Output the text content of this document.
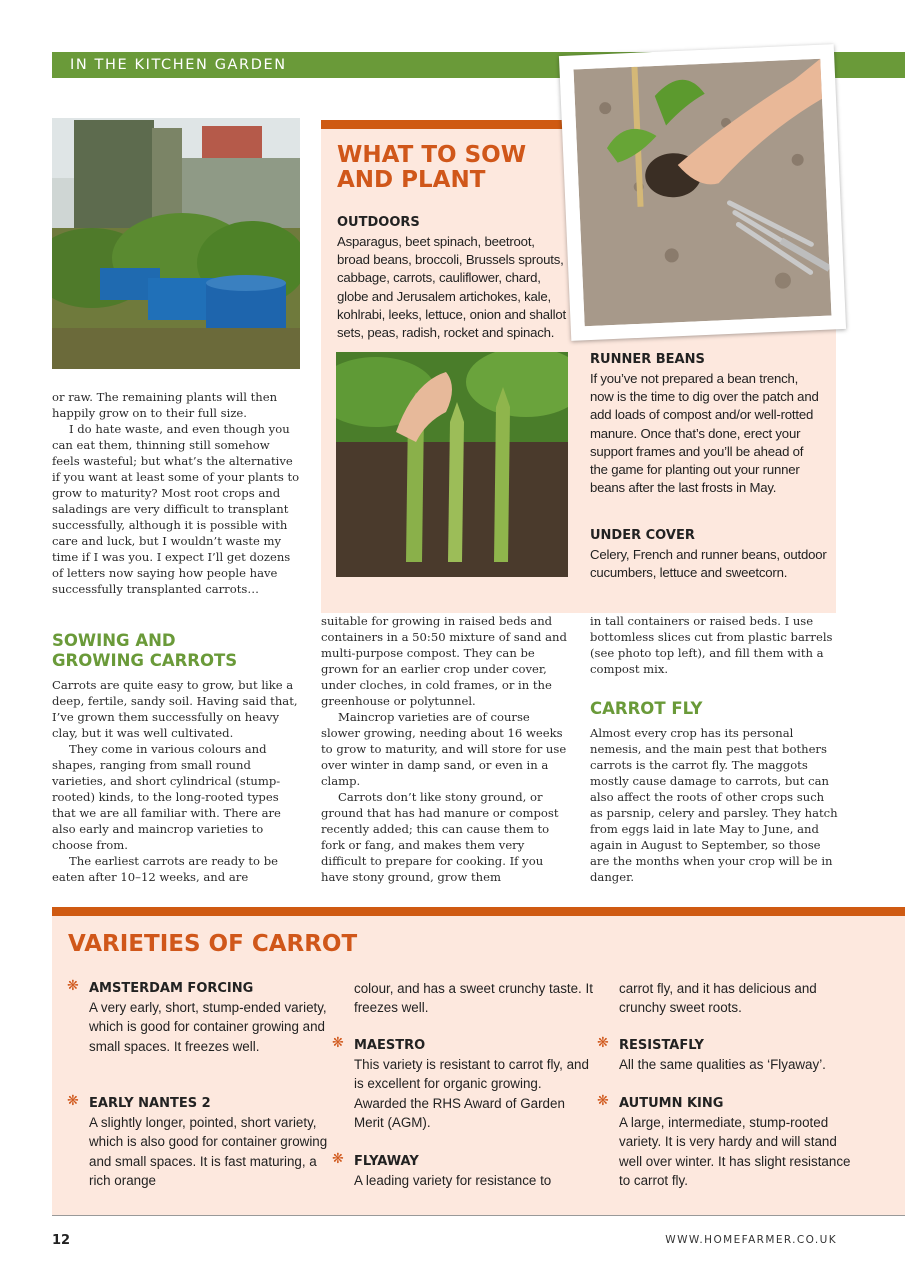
IN THE KITCHEN GARDEN

or raw. The remaining plants will then happily grow on to their full size.

I do hate waste, and even though you can eat them, thinning still somehow feels wasteful; but what’s the alternative if you want at least some of your plants to grow to maturity? Most root crops and saladings are very difficult to transplant successfully, although it is possible with care and luck, but I wouldn’t waste my time if I was you. I expect I’ll get dozens of letters now saying how people have successfully transplanted carrots…

SOWING AND
GROWING CARROTS

Carrots are quite easy to grow, but like a deep, fertile, sandy soil. Having said that, I’ve grown them successfully on heavy clay, but it was well cultivated.

They come in various colours and shapes, ranging from small round varieties, and short cylindrical (stump-rooted) kinds, to the long-rooted types that we are all familiar with. There are also early and maincrop varieties to choose from.

The earliest carrots are ready to be eaten after 10–12 weeks, and are

WHAT TO SOW
AND PLANT
OUTDOORS
Asparagus, beet spinach, beetroot, broad beans, broccoli, Brussels sprouts, cabbage, carrots, cauliflower, chard, globe and Jerusalem artichokes, kale, kohlrabi, leeks, lettuce, onion and shallot sets, peas, radish, rocket and spinach.
RUNNER BEANS
If you’ve not prepared a bean trench, now is the time to dig over the patch and add loads of compost and/or well-rotted manure. Once that’s done, erect your support frames and you’ll be ahead of the game for planting out your runner beans after the last frosts in May.
UNDER COVER
Celery, French and runner beans, outdoor cucumbers, lettuce and sweetcorn.

suitable for growing in raised beds and containers in a 50:50 mixture of sand and multi-purpose compost. They can be grown for an earlier crop under cover, under cloches, in cold frames, or in the greenhouse or polytunnel.

Maincrop varieties are of course slower growing, needing about 16 weeks to grow to maturity, and will store for use over winter in damp sand, or even in a clamp.

Carrots don’t like stony ground, or ground that has had manure or compost recently added; this can cause them to fork or fang, and makes them very difficult to prepare for cooking. If you have stony ground, grow them

in tall containers or raised beds. I use bottomless slices cut from plastic barrels (see photo top left), and fill them with a compost mix.

CARROT FLY

Almost every crop has its personal nemesis, and the main pest that bothers carrots is the carrot fly. The maggots mostly cause damage to carrots, but can also affect the roots of other crops such as parsnip, celery and parsley. They hatch from eggs laid in late May to June, and again in August to September, so those are the months when your crop will be in danger.

VARIETIES OF CARROT
❋ AMSTERDAM FORCING
A very early, short, stump-ended variety, which is good for container growing and small spaces. It freezes well.
❋ EARLY NANTES 2
A slightly longer, pointed, short variety, which is also good for container growing and small spaces. It is fast maturing, a rich orange
colour, and has a sweet crunchy taste. It freezes well.
❋ MAESTRO
This variety is resistant to carrot fly, and is excellent for organic growing. Awarded the RHS Award of Garden Merit (AGM).
❋ FLYAWAY
A leading variety for resistance to
carrot fly, and it has delicious and crunchy sweet roots.
❋ RESISTAFLY
All the same qualities as ‘Flyaway’.
❋ AUTUMN KING
A large, intermediate, stump-rooted variety. It is very hardy and will stand well over winter. It has slight resistance to carrot fly.
12	WWW.HOMEFARMER.CO.UK
